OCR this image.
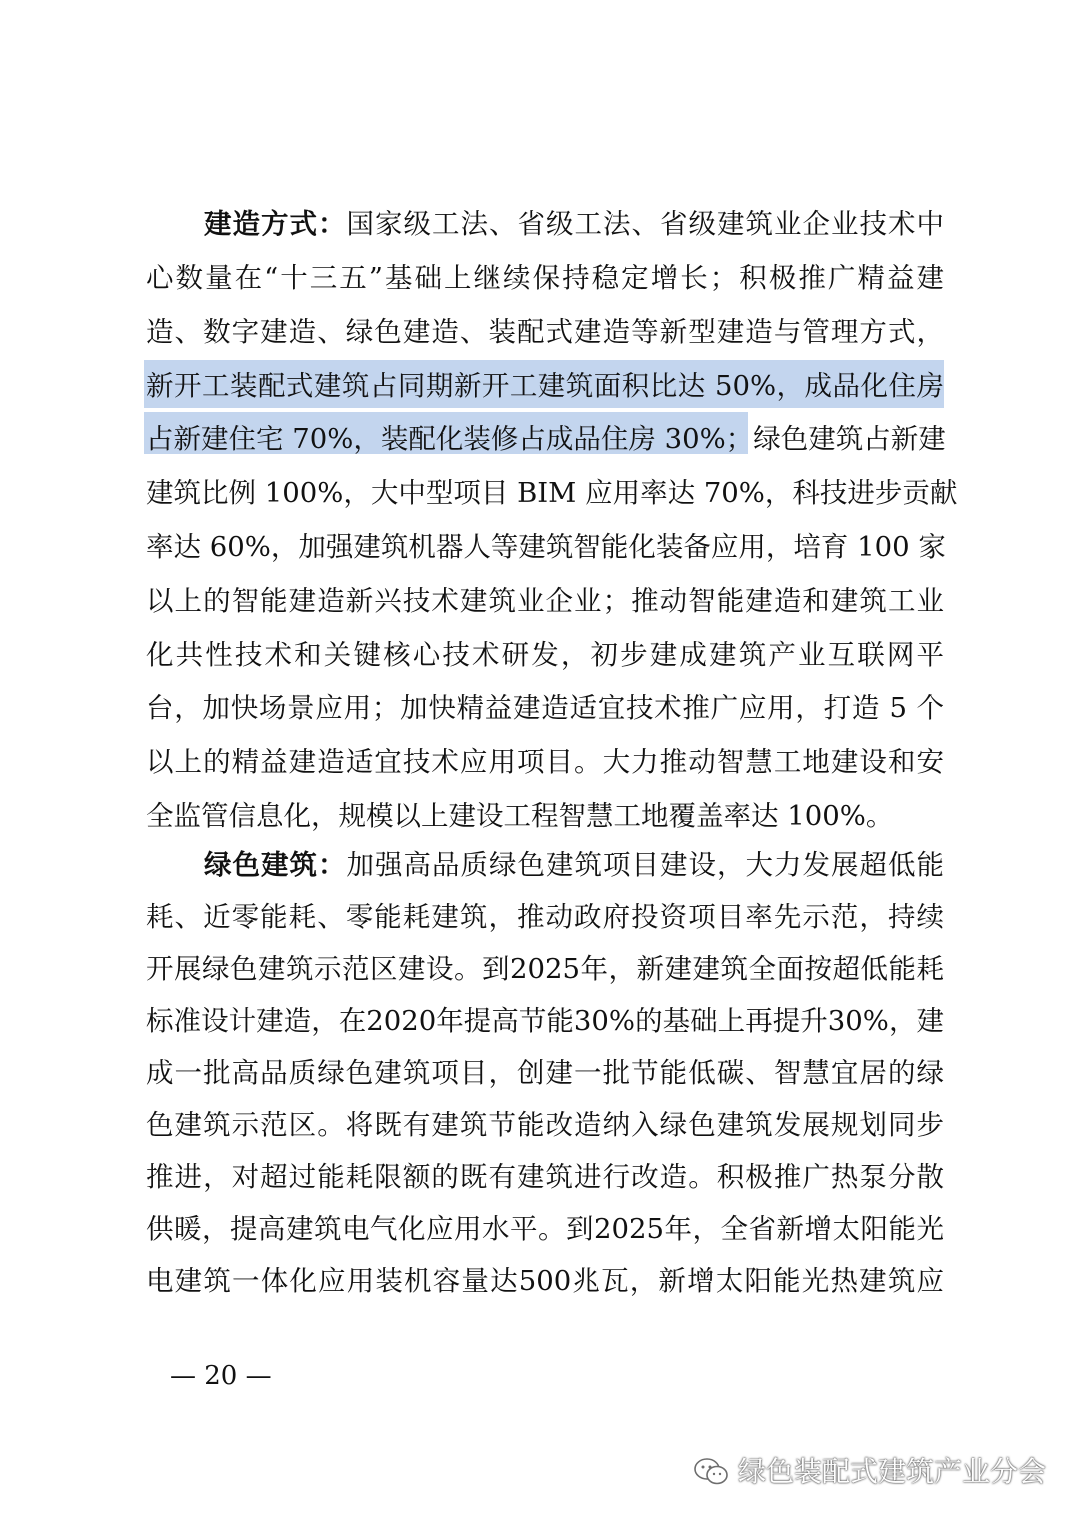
建造方式：国家级工法、省级工法、省级建筑业企业技术中
心数量在“十三五”基础上继续保持稳定增长；积极推广精益建
造、数字建造、绿色建造、装配式建造等新型建造与管理方式，
新开工装配式建筑占同期新开工建筑面积比达 50%，成品化住房
占新建住宅 70%，装配化装修占成品住房 30%；绿色建筑占新建
建筑比例 100%，大中型项目 BIM 应用率达 70%，科技进步贡献
率达 60%，加强建筑机器人等建筑智能化装备应用，培育 100 家
以上的智能建造新兴技术建筑业企业；推动智能建造和建筑工业
化共性技术和关键核心技术研发，初步建成建筑产业互联网平
台，加快场景应用；加快精益建造适宜技术推广应用，打造 5 个
以上的精益建造适宜技术应用项目。大力推动智慧工地建设和安
全监管信息化，规模以上建设工程智慧工地覆盖率达 100%。
绿色建筑：加强高品质绿色建筑项目建设，大力发展超低能
耗、近零能耗、零能耗建筑，推动政府投资项目率先示范，持续
开展绿色建筑示范区建设。到2025年，新建建筑全面按超低能耗
标准设计建造，在2020年提高节能30%的基础上再提升30%，建
成一批高品质绿色建筑项目，创建一批节能低碳、智慧宜居的绿
色建筑示范区。将既有建筑节能改造纳入绿色建筑发展规划同步
推进，对超过能耗限额的既有建筑进行改造。积极推广热泵分散
供暖，提高建筑电气化应用水平。到2025年，全省新增太阳能光
电建筑一体化应用装机容量达500兆瓦，新增太阳能光热建筑应
— 20 —
绿色装配式建筑产业分会
